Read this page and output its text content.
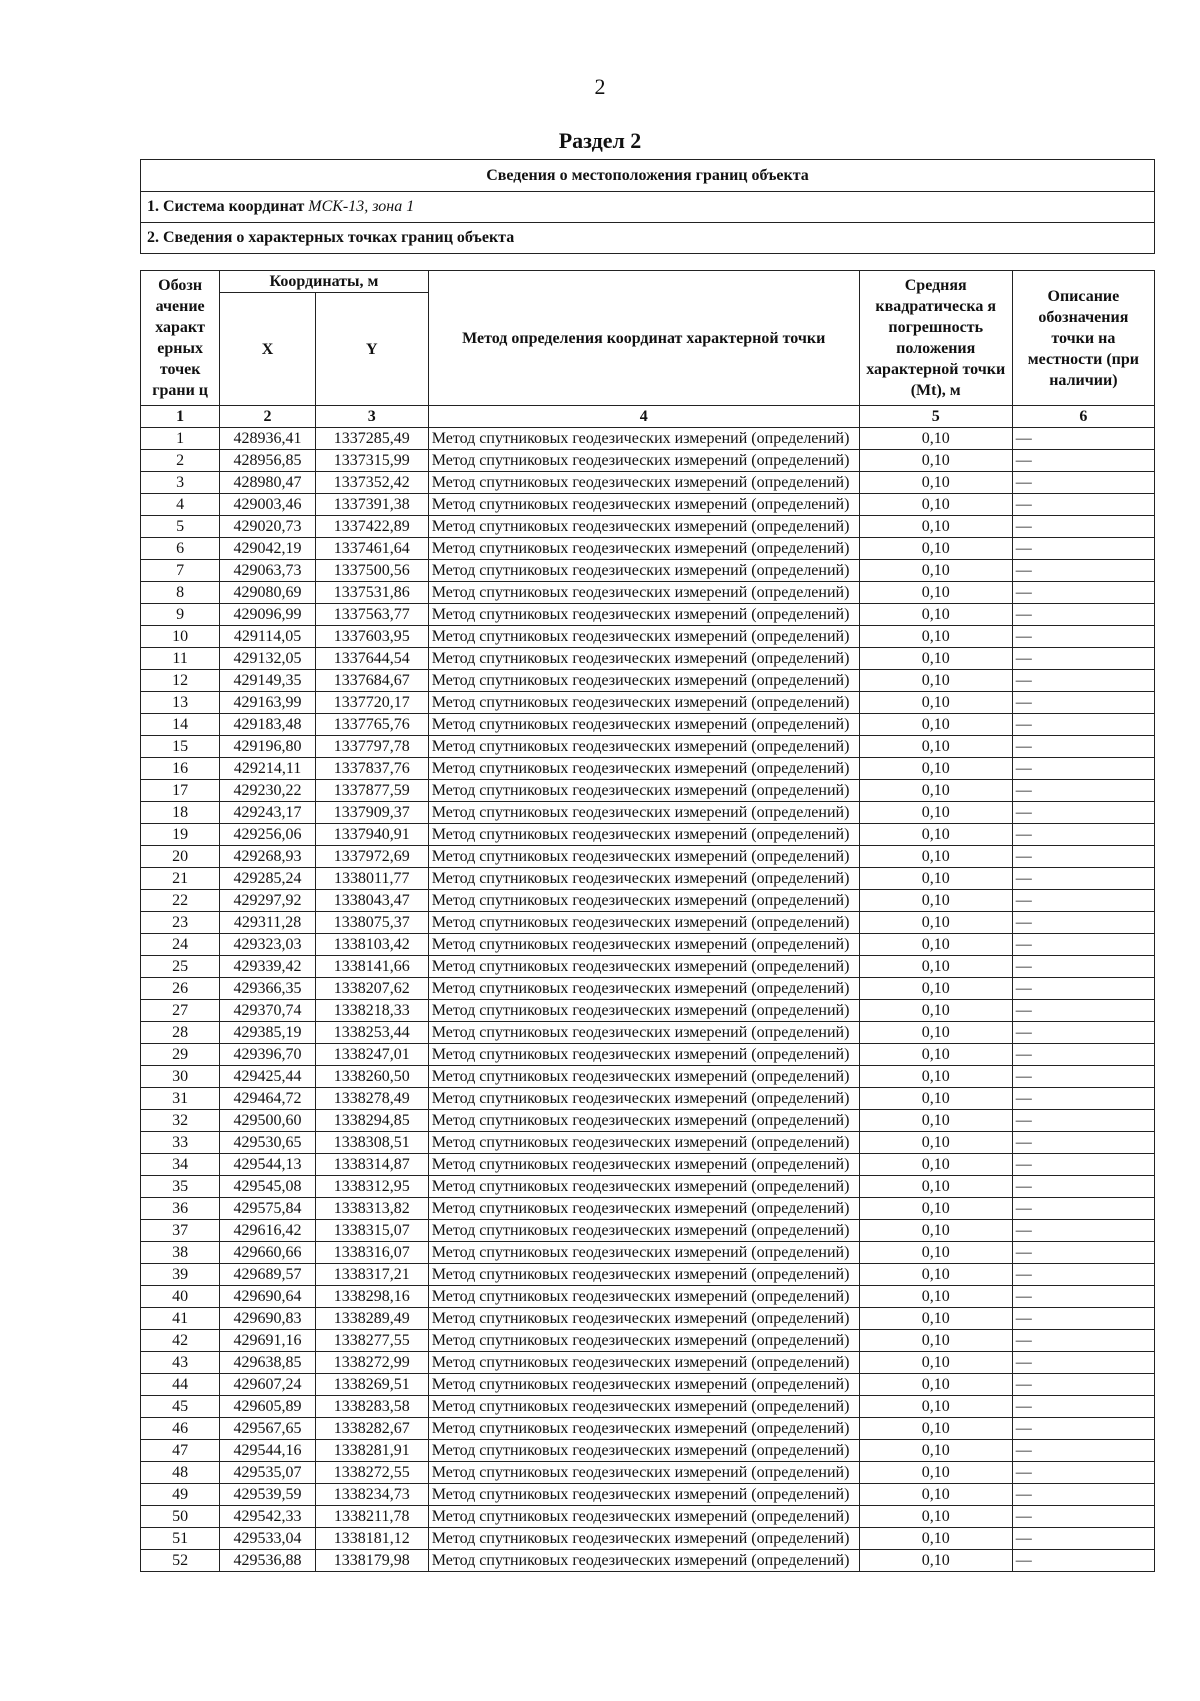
2
Раздел 2
Сведения о местоположения границ объекта
1. Система координат МСК-13, зона 1
2. Сведения о характерных точках границ объекта
Обозн ачение характ ерных точек грани ц	Координаты, м		Метод определения координат характерной точки	Средняя квадратическа я погрешность положения характерной точки (Mt), м	Описание обозначения точки на местности (при наличии)
	X	Y			
1	2	3	4	5	6
1	428936,41	1337285,49	Метод спутниковых геодезических измерений (определений)	0,10	—
2	428956,85	1337315,99	Метод спутниковых геодезических измерений (определений)	0,10	—
3	428980,47	1337352,42	Метод спутниковых геодезических измерений (определений)	0,10	—
4	429003,46	1337391,38	Метод спутниковых геодезических измерений (определений)	0,10	—
5	429020,73	1337422,89	Метод спутниковых геодезических измерений (определений)	0,10	—
6	429042,19	1337461,64	Метод спутниковых геодезических измерений (определений)	0,10	—
7	429063,73	1337500,56	Метод спутниковых геодезических измерений (определений)	0,10	—
8	429080,69	1337531,86	Метод спутниковых геодезических измерений (определений)	0,10	—
9	429096,99	1337563,77	Метод спутниковых геодезических измерений (определений)	0,10	—
10	429114,05	1337603,95	Метод спутниковых геодезических измерений (определений)	0,10	—
11	429132,05	1337644,54	Метод спутниковых геодезических измерений (определений)	0,10	—
12	429149,35	1337684,67	Метод спутниковых геодезических измерений (определений)	0,10	—
13	429163,99	1337720,17	Метод спутниковых геодезических измерений (определений)	0,10	—
14	429183,48	1337765,76	Метод спутниковых геодезических измерений (определений)	0,10	—
15	429196,80	1337797,78	Метод спутниковых геодезических измерений (определений)	0,10	—
16	429214,11	1337837,76	Метод спутниковых геодезических измерений (определений)	0,10	—
17	429230,22	1337877,59	Метод спутниковых геодезических измерений (определений)	0,10	—
18	429243,17	1337909,37	Метод спутниковых геодезических измерений (определений)	0,10	—
19	429256,06	1337940,91	Метод спутниковых геодезических измерений (определений)	0,10	—
20	429268,93	1337972,69	Метод спутниковых геодезических измерений (определений)	0,10	—
21	429285,24	1338011,77	Метод спутниковых геодезических измерений (определений)	0,10	—
22	429297,92	1338043,47	Метод спутниковых геодезических измерений (определений)	0,10	—
23	429311,28	1338075,37	Метод спутниковых геодезических измерений (определений)	0,10	—
24	429323,03	1338103,42	Метод спутниковых геодезических измерений (определений)	0,10	—
25	429339,42	1338141,66	Метод спутниковых геодезических измерений (определений)	0,10	—
26	429366,35	1338207,62	Метод спутниковых геодезических измерений (определений)	0,10	—
27	429370,74	1338218,33	Метод спутниковых геодезических измерений (определений)	0,10	—
28	429385,19	1338253,44	Метод спутниковых геодезических измерений (определений)	0,10	—
29	429396,70	1338247,01	Метод спутниковых геодезических измерений (определений)	0,10	—
30	429425,44	1338260,50	Метод спутниковых геодезических измерений (определений)	0,10	—
31	429464,72	1338278,49	Метод спутниковых геодезических измерений (определений)	0,10	—
32	429500,60	1338294,85	Метод спутниковых геодезических измерений (определений)	0,10	—
33	429530,65	1338308,51	Метод спутниковых геодезических измерений (определений)	0,10	—
34	429544,13	1338314,87	Метод спутниковых геодезических измерений (определений)	0,10	—
35	429545,08	1338312,95	Метод спутниковых геодезических измерений (определений)	0,10	—
36	429575,84	1338313,82	Метод спутниковых геодезических измерений (определений)	0,10	—
37	429616,42	1338315,07	Метод спутниковых геодезических измерений (определений)	0,10	—
38	429660,66	1338316,07	Метод спутниковых геодезических измерений (определений)	0,10	—
39	429689,57	1338317,21	Метод спутниковых геодезических измерений (определений)	0,10	—
40	429690,64	1338298,16	Метод спутниковых геодезических измерений (определений)	0,10	—
41	429690,83	1338289,49	Метод спутниковых геодезических измерений (определений)	0,10	—
42	429691,16	1338277,55	Метод спутниковых геодезических измерений (определений)	0,10	—
43	429638,85	1338272,99	Метод спутниковых геодезических измерений (определений)	0,10	—
44	429607,24	1338269,51	Метод спутниковых геодезических измерений (определений)	0,10	—
45	429605,89	1338283,58	Метод спутниковых геодезических измерений (определений)	0,10	—
46	429567,65	1338282,67	Метод спутниковых геодезических измерений (определений)	0,10	—
47	429544,16	1338281,91	Метод спутниковых геодезических измерений (определений)	0,10	—
48	429535,07	1338272,55	Метод спутниковых геодезических измерений (определений)	0,10	—
49	429539,59	1338234,73	Метод спутниковых геодезических измерений (определений)	0,10	—
50	429542,33	1338211,78	Метод спутниковых геодезических измерений (определений)	0,10	—
51	429533,04	1338181,12	Метод спутниковых геодезических измерений (определений)	0,10	—
52	429536,88	1338179,98	Метод спутниковых геодезических измерений (определений)	0,10	—
